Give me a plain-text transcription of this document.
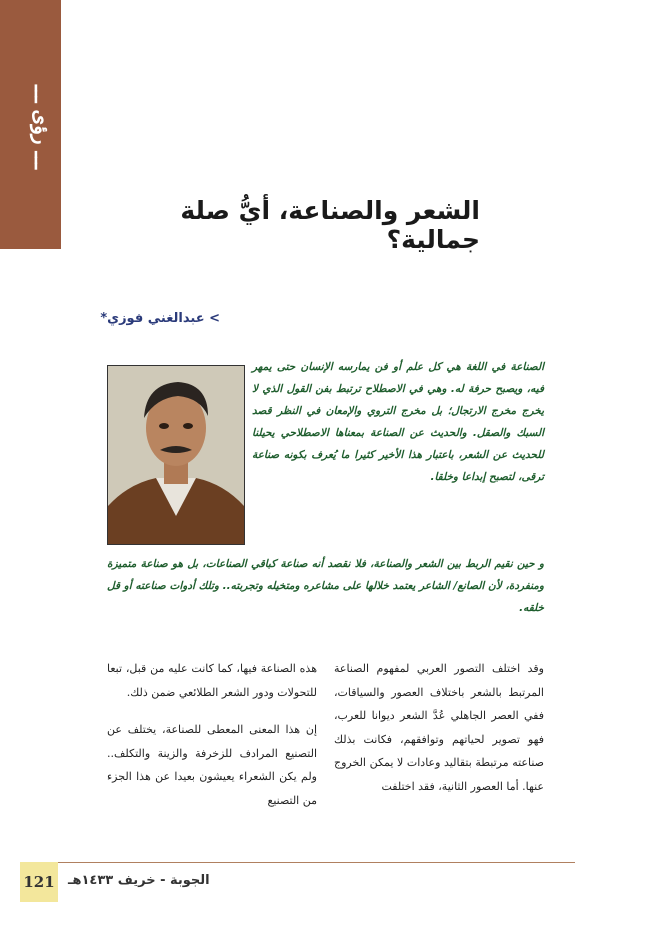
ـــ رؤى ـــ
الشعر والصناعة، أيُّ صلة جمالية؟
> عبدالغني فوزي*
الصناعة في اللغة هي كل علم أو فن يمارسه الإنسان حتى يمهر فيه، ويصبح حرفة له. وهي في الاصطلاح ترتبط بفن القول الذي لا يخرج مخرج الارتجال؛ بل مخرج التروي والإمعان في النظر قصد السبك والصقل. والحديث عن الصناعة بمعناها الاصطلاحي يحيلنا للحديث عن الشعر، باعتبار هذا الأخير كثيرا ما يُعرف بكونه صناعة ترقى، لتصبح إبداعا وخلقا.
و حين نقيم الربط بين الشعر والصناعة، فلا نقصد أنه صناعة كباقي الصناعات، بل هو صناعة متميزة ومنفردة، لأن الصانع/ الشاعر يعتمد خلالها على مشاعره ومتخيله وتجربته.. وتلك أدوات صناعته أو قل خلقه.

وقد اختلف التصور العربي لمفهوم الصناعة المرتبط بالشعر باختلاف العصور والسياقات، ففي العصر الجاهلي عُدَّ الشعر ديوانا للعرب، فهو تصوير لحياتهم وتوافقهم، فكانت بذلك صناعته مرتبطة بتقاليد وعادات لا يمكن الخروج عنها. أما العصور الثانية، فقد اختلفت

هذه الصناعة فيها، كما كانت عليه من قبل، تبعا للتحولات ودور الشعر الطلائعي ضمن ذلك.

إن هذا المعنى المعطى للصناعة، يختلف عن التصنيع المرادف للزخرفة والزينة والتكلف.. ولم يكن الشعراء يعيشون بعيدا عن هذا الجزء من التصنيع

121 الجوبة - خريف ١٤٣٣هـ
